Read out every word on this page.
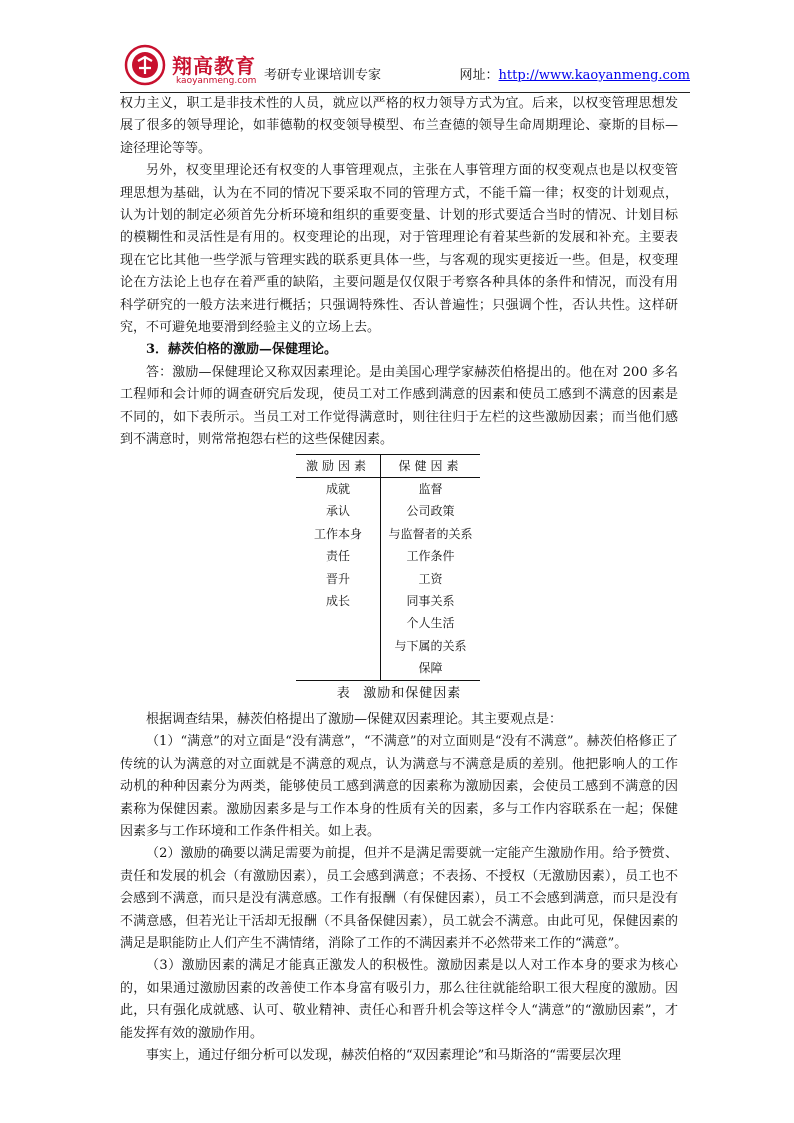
翔高教育
kaoyanmeng.com 考研专业课培训专家	网址：http://www.kaoyanmeng.com

权力主义，职工是非技术性的人员，就应以严格的权力领导方式为宜。后来，以权变管理思想发展了很多的领导理论，如菲德勒的权变领导模型、布兰查德的领导生命周期理论、豪斯的目标—途径理论等等。

另外，权变里理论还有权变的人事管理观点，主张在人事管理方面的权变观点也是以权变管理思想为基础，认为在不同的情况下要采取不同的管理方式，不能千篇一律；权变的计划观点，认为计划的制定必须首先分析环境和组织的重要变量、计划的形式要适合当时的情况、计划目标的模糊性和灵活性是有用的。权变理论的出现，对于管理理论有着某些新的发展和补充。主要表现在它比其他一些学派与管理实践的联系更具体一些，与客观的现实更接近一些。但是，权变理论在方法论上也存在着严重的缺陷，主要问题是仅仅限于考察各种具体的条件和情况，而没有用科学研究的一般方法来进行概括；只强调特殊性、否认普遍性；只强调个性，否认共性。这样研究，不可避免地要滑到经验主义的立场上去。

3．赫茨伯格的激励—保健理论。

答：激励—保健理论又称双因素理论。是由美国心理学家赫茨伯格提出的。他在对 200 多名工程师和会计师的调查研究后发现，使员工对工作感到满意的因素和使员工感到不满意的因素是不同的，如下表所示。当员工对工作觉得满意时，则往往归于左栏的这些激励因素；而当他们感到不满意时，则常常抱怨右栏的这些保健因素。

激励因素	保健因素
成就	监督
承认	公司政策
工作本身	与监督者的关系
责任	工作条件
晋升	工资
成长	同事关系
	个人生活
	与下属的关系
	保障
表 激励和保健因素

根据调查结果，赫茨伯格提出了激励—保健双因素理论。其主要观点是：

（1）“满意”的对立面是“没有满意”，“不满意”的对立面则是“没有不满意”。赫茨伯格修正了传统的认为满意的对立面就是不满意的观点，认为满意与不满意是质的差别。他把影响人的工作动机的种种因素分为两类，能够使员工感到满意的因素称为激励因素，会使员工感到不满意的因素称为保健因素。激励因素多是与工作本身的性质有关的因素，多与工作内容联系在一起；保健因素多与工作环境和工作条件相关。如上表。

（2）激励的确要以满足需要为前提，但并不是满足需要就一定能产生激励作用。给予赞赏、责任和发展的机会（有激励因素），员工会感到满意；不表扬、不授权（无激励因素），员工也不会感到不满意，而只是没有满意感。工作有报酬（有保健因素），员工不会感到满意，而只是没有不满意感，但若光让干活却无报酬（不具备保健因素），员工就会不满意。由此可见，保健因素的满足是职能防止人们产生不满情绪，消除了工作的不满因素并不必然带来工作的“满意”。

（3）激励因素的满足才能真正激发人的积极性。激励因素是以人对工作本身的要求为核心的，如果通过激励因素的改善使工作本身富有吸引力，那么往往就能给职工很大程度的激励。因此，只有强化成就感、认可、敬业精神、责任心和晋升机会等这样令人“满意”的“激励因素”，才能发挥有效的激励作用。

事实上，通过仔细分析可以发现，赫茨伯格的“双因素理论”和马斯洛的“需要层次理
